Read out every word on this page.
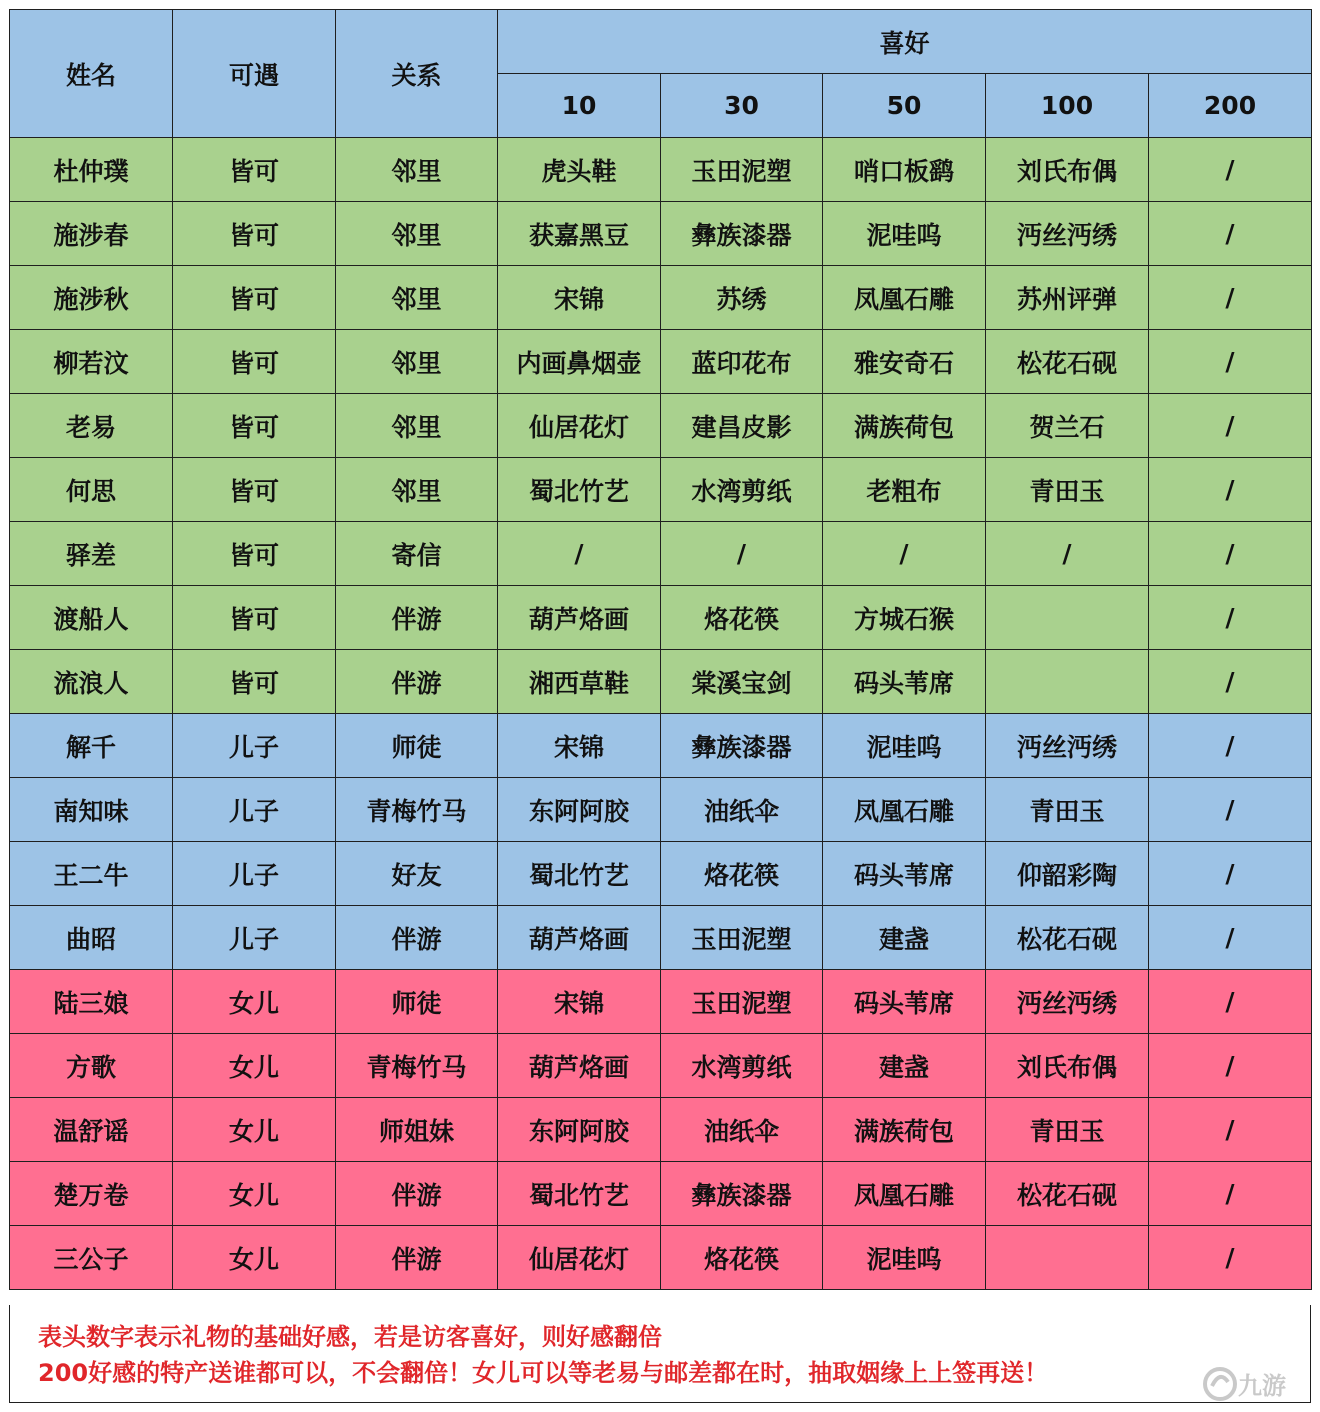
姓名	可遇	关系	喜好				
			10	30	50	100	200
杜仲璞	皆可	邻里	虎头鞋	玉田泥塑	哨口板鹞	刘氏布偶	/
施涉春	皆可	邻里	获嘉黑豆	彝族漆器	泥哇呜	沔丝沔绣	/
施涉秋	皆可	邻里	宋锦	苏绣	凤凰石雕	苏州评弹	/
柳若汶	皆可	邻里	内画鼻烟壶	蓝印花布	雅安奇石	松花石砚	/
老易	皆可	邻里	仙居花灯	建昌皮影	满族荷包	贺兰石	/
何思	皆可	邻里	蜀北竹艺	水湾剪纸	老粗布	青田玉	/
驿差	皆可	寄信	/	/	/	/	/
渡船人	皆可	伴游	葫芦烙画	烙花筷	方城石猴		/
流浪人	皆可	伴游	湘西草鞋	棠溪宝剑	码头苇席		/
解千	儿子	师徒	宋锦	彝族漆器	泥哇呜	沔丝沔绣	/
南知味	儿子	青梅竹马	东阿阿胶	油纸伞	凤凰石雕	青田玉	/
王二牛	儿子	好友	蜀北竹艺	烙花筷	码头苇席	仰韶彩陶	/
曲昭	儿子	伴游	葫芦烙画	玉田泥塑	建盏	松花石砚	/
陆三娘	女儿	师徒	宋锦	玉田泥塑	码头苇席	沔丝沔绣	/
方歌	女儿	青梅竹马	葫芦烙画	水湾剪纸	建盏	刘氏布偶	/
温舒谣	女儿	师姐妹	东阿阿胶	油纸伞	满族荷包	青田玉	/
楚万卷	女儿	伴游	蜀北竹艺	彝族漆器	凤凰石雕	松花石砚	/
三公子	女儿	伴游	仙居花灯	烙花筷	泥哇呜		/
表头数字表示礼物的基础好感，若是访客喜好，则好感翻倍
200好感的特产送谁都可以，不会翻倍！女儿可以等老易与邮差都在时，抽取姻缘上上签再送！	九游
